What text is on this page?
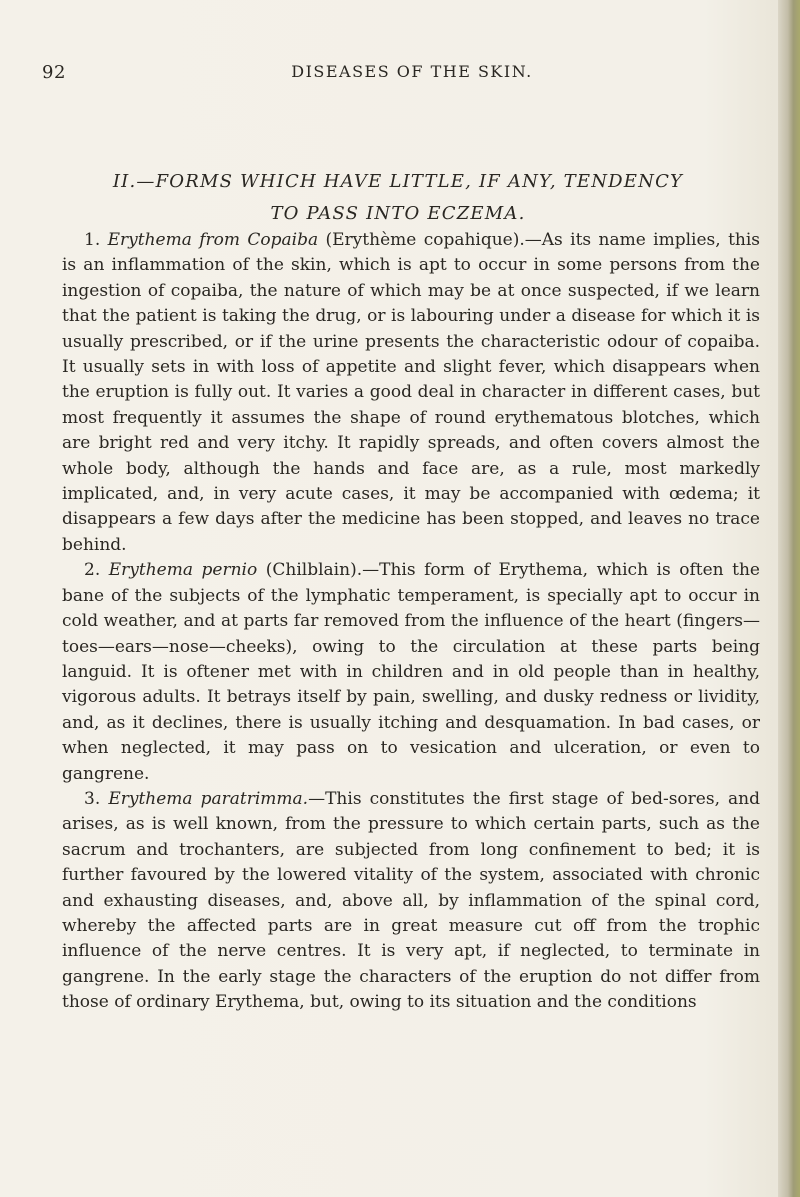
92	DISEASES OF THE SKIN.
II.—FORMS WHICH HAVE LITTLE, IF ANY, TENDENCY
TO PASS INTO ECZEMA.

1. Erythema from Copaiba (Erythème copahique).—As its name implies, this is an inflammation of the skin, which is apt to occur in some persons from the ingestion of copaiba, the nature of which may be at once suspected, if we learn that the patient is taking the drug, or is labouring under a disease for which it is usually prescribed, or if the urine presents the characteristic odour of copaiba. It usually sets in with loss of appetite and slight fever, which disappears when the eruption is fully out. It varies a good deal in character in different cases, but most frequently it assumes the shape of round erythematous blotches, which are bright red and very itchy. It rapidly spreads, and often covers almost the whole body, although the hands and face are, as a rule, most markedly implicated, and, in very acute cases, it may be accompanied with œdema; it disappears a few days after the medicine has been stopped, and leaves no trace behind.

2. Erythema pernio (Chilblain).—This form of Erythema, which is often the bane of the subjects of the lymphatic temperament, is specially apt to occur in cold weather, and at parts far removed from the influence of the heart (fingers—toes—ears—nose—cheeks), owing to the circulation at these parts being languid. It is oftener met with in children and in old people than in healthy, vigorous adults. It betrays itself by pain, swelling, and dusky redness or lividity, and, as it declines, there is usually itching and desquamation. In bad cases, or when neglected, it may pass on to vesication and ulceration, or even to gangrene.

3. Erythema paratrimma.—This constitutes the first stage of bed-sores, and arises, as is well known, from the pressure to which certain parts, such as the sacrum and trochanters, are subjected from long confinement to bed; it is further favoured by the lowered vitality of the system, associated with chronic and exhausting diseases, and, above all, by inflammation of the spinal cord, whereby the affected parts are in great measure cut off from the trophic influence of the nerve centres. It is very apt, if neglected, to terminate in gangrene. In the early stage the characters of the eruption do not differ from those of ordinary Erythema, but, owing to its situation and the conditions
